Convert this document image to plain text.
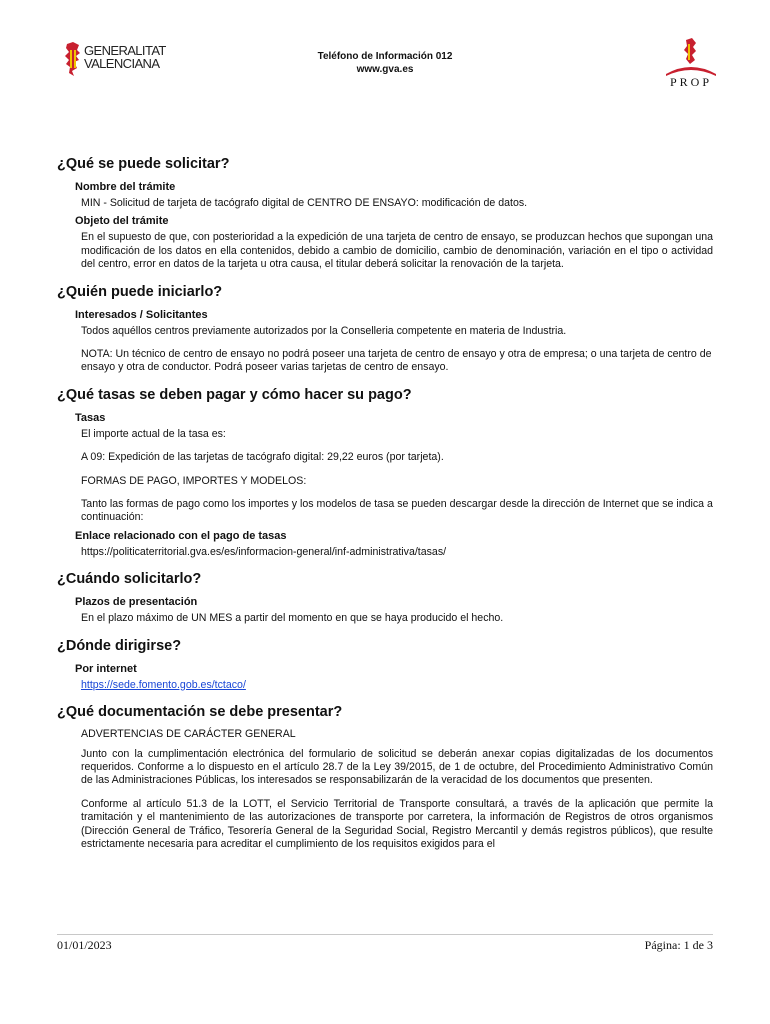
GENERALITAT
VALENCIANA	Teléfono de Información 012
www.gva.es
PROP
¿Qué se puede solicitar?
Nombre del trámite
MIN - Solicitud de tarjeta de tacógrafo digital de CENTRO DE ENSAYO: modificación de datos.
Objeto del trámite
En el supuesto de que, con posterioridad a la expedición de una tarjeta de centro de ensayo, se produzcan hechos que supongan una modificación de los datos en ella contenidos, debido a cambio de domicilio, cambio de denominación, variación en el tipo o actividad del centro, error en datos de la tarjeta u otra causa, el titular deberá solicitar la renovación de la tarjeta.
¿Quién puede iniciarlo?
Interesados / Solicitantes
Todos aquéllos centros previamente autorizados por la Conselleria competente en materia de Industria.
NOTA: Un técnico de centro de ensayo no podrá poseer una tarjeta de centro de ensayo y otra de empresa; o una tarjeta de centro de ensayo y otra de conductor. Podrá poseer varias tarjetas de centro de ensayo.
¿Qué tasas se deben pagar y cómo hacer su pago?
Tasas
El importe actual de la tasa es:
A 09: Expedición de las tarjetas de tacógrafo digital: 29,22 euros (por tarjeta).
FORMAS DE PAGO, IMPORTES Y MODELOS:
Tanto las formas de pago como los importes y los modelos de tasa se pueden descargar desde la dirección de Internet que se indica a continuación:
Enlace relacionado con el pago de tasas
https://politicaterritorial.gva.es/es/informacion-general/inf-administrativa/tasas/
¿Cuándo solicitarlo?
Plazos de presentación
En el plazo máximo de UN MES a partir del momento en que se haya producido el hecho.
¿Dónde dirigirse?
Por internet
https://sede.fomento.gob.es/tctaco/
¿Qué documentación se debe presentar?
ADVERTENCIAS DE CARÁCTER GENERAL
Junto con la cumplimentación electrónica del formulario de solicitud se deberán anexar copias digitalizadas de los documentos requeridos. Conforme a lo dispuesto en el artículo 28.7 de la Ley 39/2015, de 1 de octubre, del Procedimiento Administrativo Común de las Administraciones Públicas, los interesados se responsabilizarán de la veracidad de los documentos que presenten.
Conforme al artículo 51.3 de la LOTT, el Servicio Territorial de Transporte consultará, a través de la aplicación que permite la tramitación y el mantenimiento de las autorizaciones de transporte por carretera, la información de Registros de otros organismos (Dirección General de Tráfico, Tesorería General de la Seguridad Social, Registro Mercantil y demás registros públicos), que resulte estrictamente necesaria para acreditar el cumplimiento de los requisitos exigidos para el
01/01/2023	Página: 1 de 3
